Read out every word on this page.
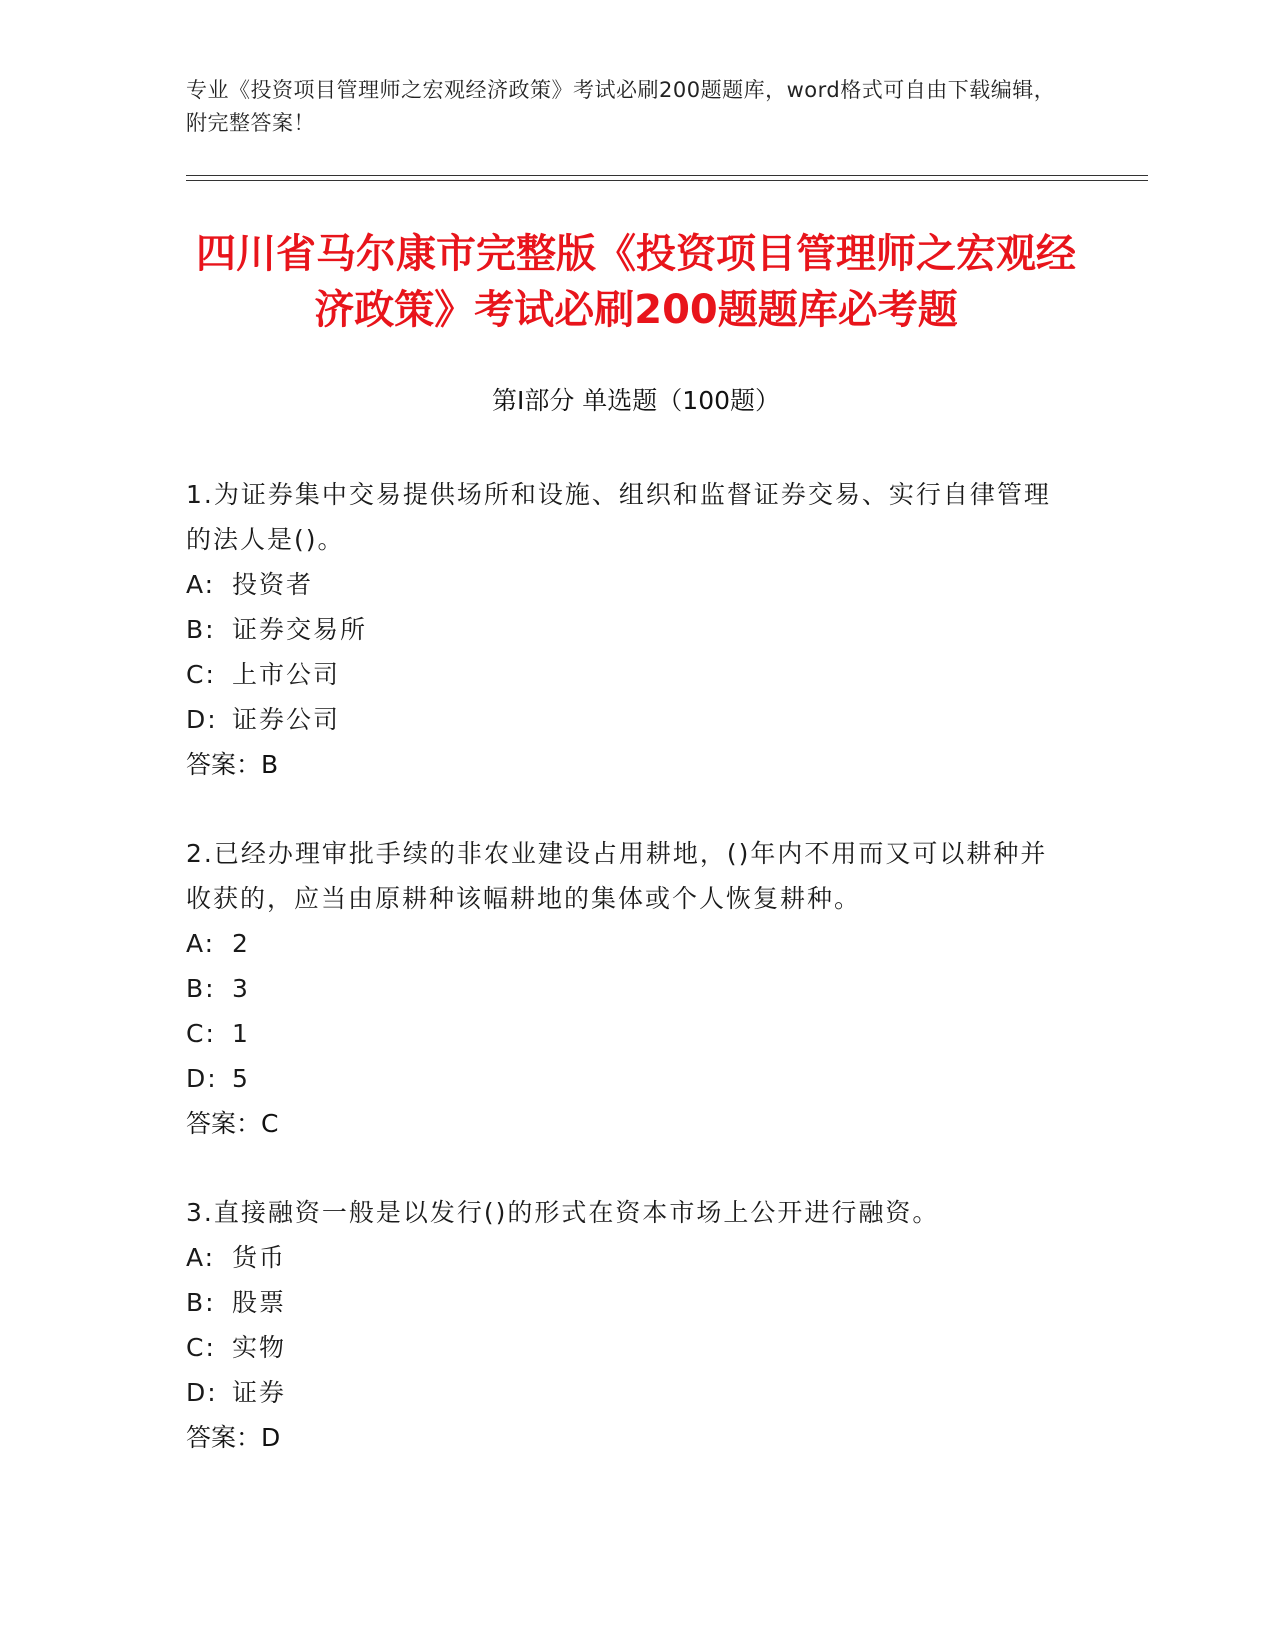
专业《投资项目管理师之宏观经济政策》考试必刷200题题库，word格式可自由下载编辑，附完整答案！
四川省马尔康市完整版《投资项目管理师之宏观经济政策》考试必刷200题题库必考题
第Ⅰ部分 单选题（100题）

1.为证券集中交易提供场所和设施、组织和监督证券交易、实行自律管理的法人是()。

A: 投资者

B: 证券交易所

C: 上市公司

D: 证券公司

答案：B

2.已经办理审批手续的非农业建设占用耕地，()年内不用而又可以耕种并收获的，应当由原耕种该幅耕地的集体或个人恢复耕种。

A: 2

B: 3

C: 1

D: 5

答案：C

3.直接融资一般是以发行()的形式在资本市场上公开进行融资。

A: 货币

B: 股票

C: 实物

D: 证券

答案：D
